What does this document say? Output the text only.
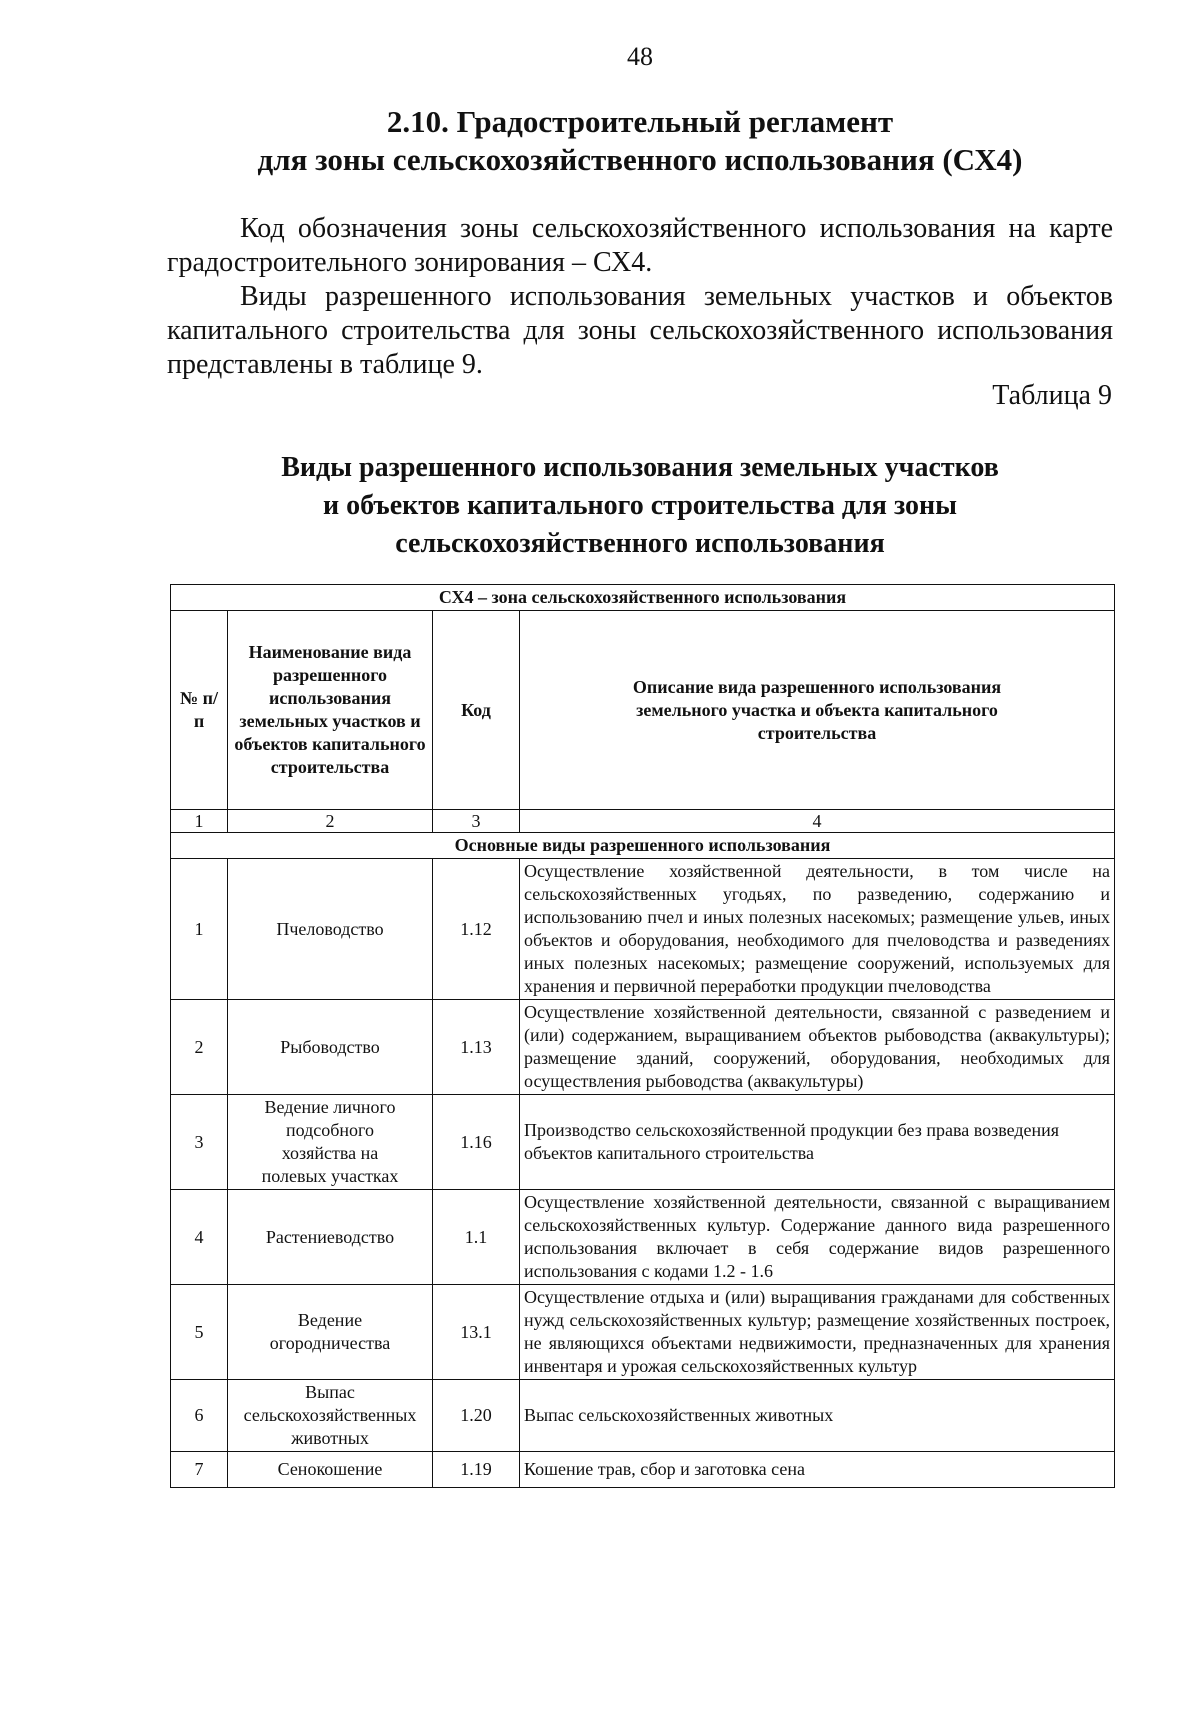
48
2.10. Градостроительный регламент
для зоны сельскохозяйственного использования (СХ4)

Код обозначения зоны сельскохозяйственного использования на карте градостроительного зонирования – СХ4.

Виды разрешенного использования земельных участков и объектов капитального строительства для зоны сельскохозяйственного использования представлены в таблице 9.

Таблица 9
Виды разрешенного использования земельных участков
и объектов капитального строительства для зоны
сельскохозяйственного использования
СХ4 – зона сельскохозяйственного использования			
№ п/п	Наименование вида разрешенного использования земельных участков и объектов капитального строительства	Код	Описание вида разрешенного использования земельного участка и объекта капитального строительства
1	2	3	4
Основные виды разрешенного использования			
1	Пчеловодство	1.12	Осуществление хозяйственной деятельности, в том числе на сельскохозяйственных угодьях, по разведению, содержанию и использованию пчел и иных полезных насекомых; размещение ульев, иных объектов и оборудования, необходимого для пчеловодства и разведениях иных полезных насекомых; размещение сооружений, используемых для хранения и первичной переработки продукции пчеловодства
2	Рыбоводство	1.13	Осуществление хозяйственной деятельности, связанной с разведением и (или) содержанием, выращиванием объектов рыбоводства (аквакультуры); размещение зданий, сооружений, оборудования, необходимых для осуществления рыбоводства (аквакультуры)
3	Ведение личного подсобного хозяйства на полевых участках	1.16	Производство сельскохозяйственной продукции без права возведения объектов капитального строительства
4	Растениеводство	1.1	Осуществление хозяйственной деятельности, связанной с выращиванием сельскохозяйственных культур. Содержание данного вида разрешенного использования включает в себя содержание видов разрешенного использования с кодами 1.2 - 1.6
5	Ведение огородничества	13.1	Осуществление отдыха и (или) выращивания гражданами для собственных нужд сельскохозяйственных культур; размещение хозяйственных построек, не являющихся объектами недвижимости, предназначенных для хранения инвентаря и урожая сельскохозяйственных культур
6	Выпас сельскохозяйственных животных	1.20	Выпас сельскохозяйственных животных
7	Сенокошение	1.19	Кошение трав, сбор и заготовка сена
